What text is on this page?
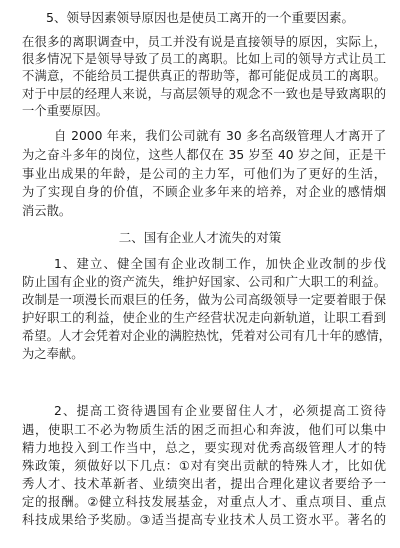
5、领导因素领导原因也是使员工离开的一个重要因素。
在很多的离职调查中，员工并没有说是直接领导的原因，实际上，
很多情况下是领导导致了员工的离职。比如上司的领导方式让员工
不满意，不能给员工提供真正的帮助等，都可能促成员工的离职。
对于中层的经理人来说，与高层领导的观念不一致也是导致离职的
一个重要原因。
自 2000 年来，我们公司就有 30 多名高级管理人才离开了
为之奋斗多年的岗位，这些人都仅在 35 岁至 40 岁之间，正是干
事业出成果的年龄，是公司的主力军，可他们为了更好的生活，
为了实现自身的价值，不顾企业多年来的培养，对企业的感情烟
消云散。
二、国有企业人才流失的对策
1、建立、健全国有企业改制工作，加快企业改制的步伐
防止国有企业的资产流失，维护好国家、公司和广大职工的利益。
改制是一项漫长而艰巨的任务，做为公司高级领导一定要着眼于保
护好职工的利益，使企业的生产经营状况走向新轨道，让职工看到
希望。人才会凭着对企业的满腔热忱，凭着对公司有几十年的感情，
为之奉献。
2、提高工资待遇国有企业要留住人才，必须提高工资待
遇，使职工不必为物质生活的困乏而担心和奔波，他们可以集中
精力地投入到工作当中，总之，要实现对优秀高级管理人才的特
殊政策，须做好以下几点：①对有突出贡献的特殊人才，比如优
秀人才、技术革新者、业绩突出者，提出合理化建议者要给予一
定的报酬。②健立科技发展基金，对重点人才、重点项目、重点
科技成果给予奖励。③适当提高专业技术人员工资水平。著名的
